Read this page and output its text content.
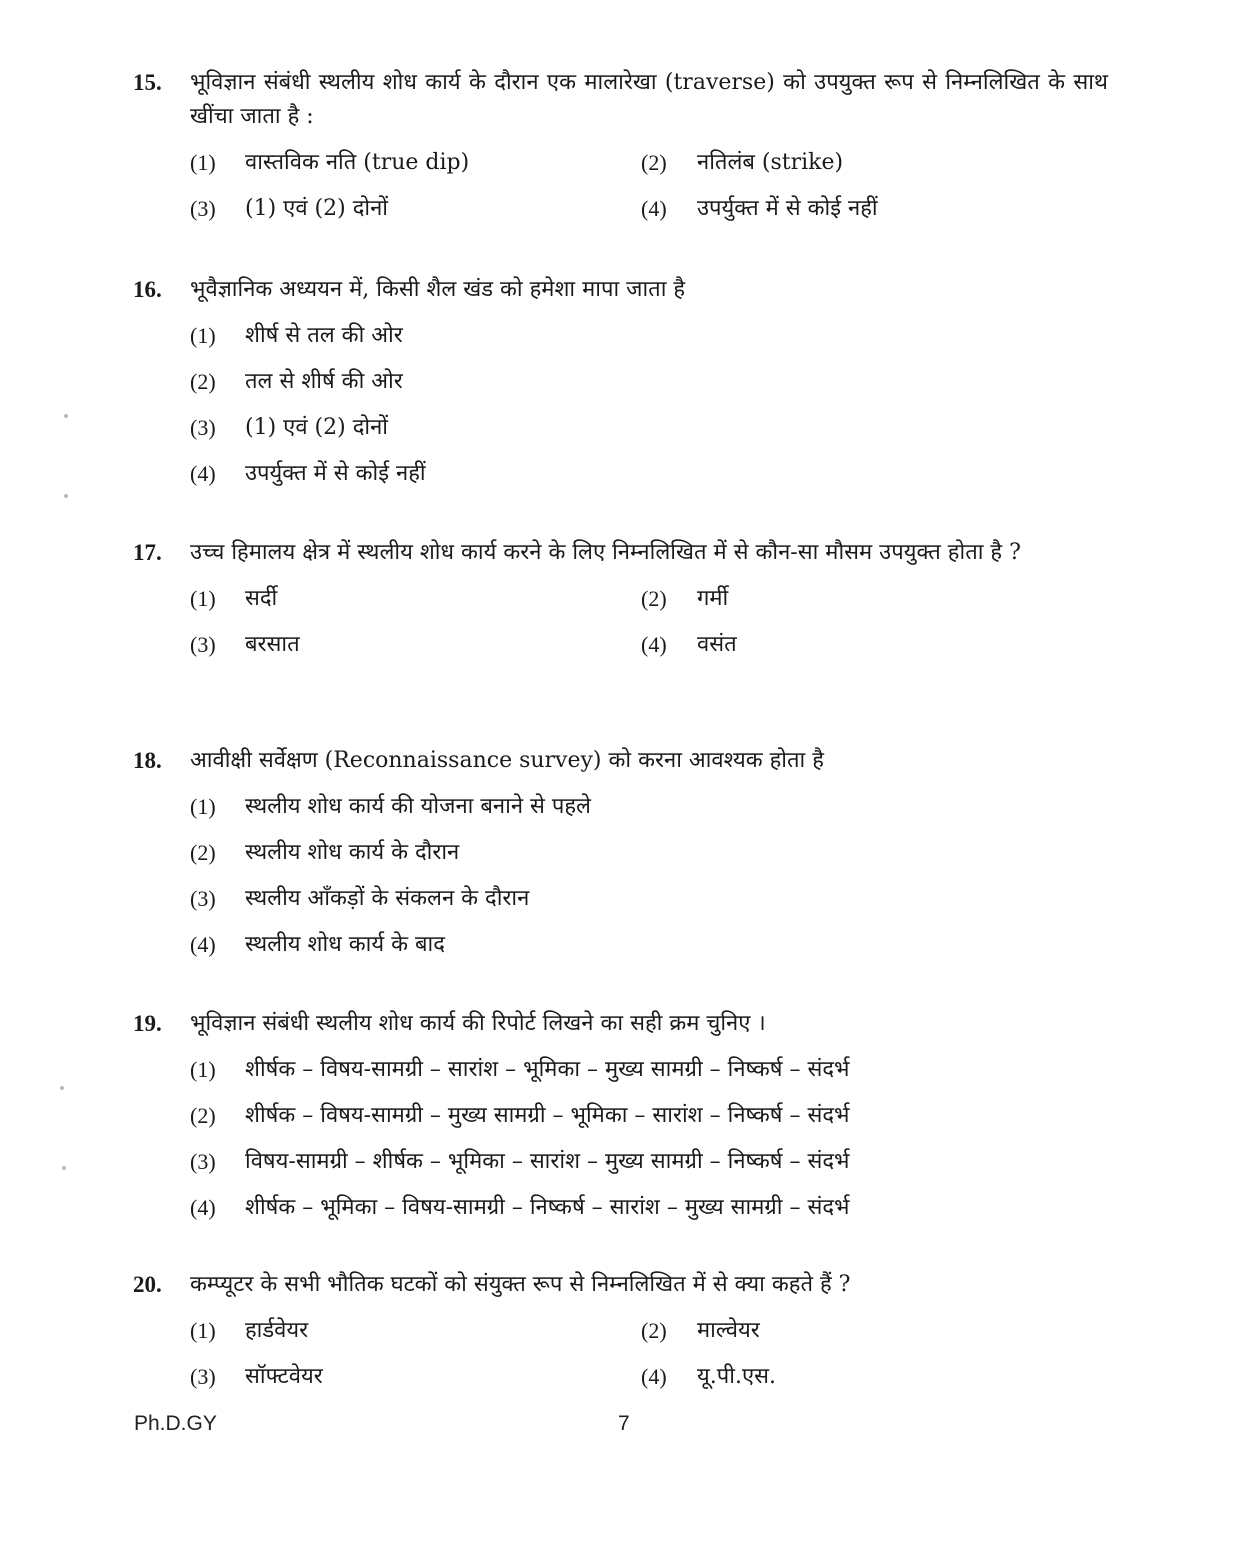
15. भूविज्ञान संबंधी स्थलीय शोध कार्य के दौरान एक मालारेखा (traverse) को उपयुक्त रूप से निम्नलिखित के साथ खींचा जाता है :
(1) वास्तविक नति (true dip)	(2) नतिलंब (strike)
(3) (1) एवं (2) दोनों	(4) उपर्युक्त में से कोई नहीं
16. भूवैज्ञानिक अध्ययन में, किसी शैल खंड को हमेशा मापा जाता है
(1) शीर्ष से तल की ओर
(2) तल से शीर्ष की ओर
(3) (1) एवं (2) दोनों
(4) उपर्युक्त में से कोई नहीं
17. उच्च हिमालय क्षेत्र में स्थलीय शोध कार्य करने के लिए निम्नलिखित में से कौन-सा मौसम उपयुक्त होता है ?
(1) सर्दी	(2) गर्मी
(3) बरसात	(4) वसंत
18. आवीक्षी सर्वेक्षण (Reconnaissance survey) को करना आवश्यक होता है
(1) स्थलीय शोध कार्य की योजना बनाने से पहले
(2) स्थलीय शोध कार्य के दौरान
(3) स्थलीय आँकड़ों के संकलन के दौरान
(4) स्थलीय शोध कार्य के बाद
19. भूविज्ञान संबंधी स्थलीय शोध कार्य की रिपोर्ट लिखने का सही क्रम चुनिए ।
(1) शीर्षक – विषय-सामग्री – सारांश – भूमिका – मुख्य सामग्री – निष्कर्ष – संदर्भ
(2) शीर्षक – विषय-सामग्री – मुख्य सामग्री – भूमिका – सारांश – निष्कर्ष – संदर्भ
(3) विषय-सामग्री – शीर्षक – भूमिका – सारांश – मुख्य सामग्री – निष्कर्ष – संदर्भ
(4) शीर्षक – भूमिका – विषय-सामग्री – निष्कर्ष – सारांश – मुख्य सामग्री – संदर्भ
20. कम्प्यूटर के सभी भौतिक घटकों को संयुक्त रूप से निम्नलिखित में से क्या कहते हैं ?
(1) हार्डवेयर	(2) माल्वेयर
(3) सॉफ्टवेयर	(4) यू.पी.एस.
Ph.D.GY	7
